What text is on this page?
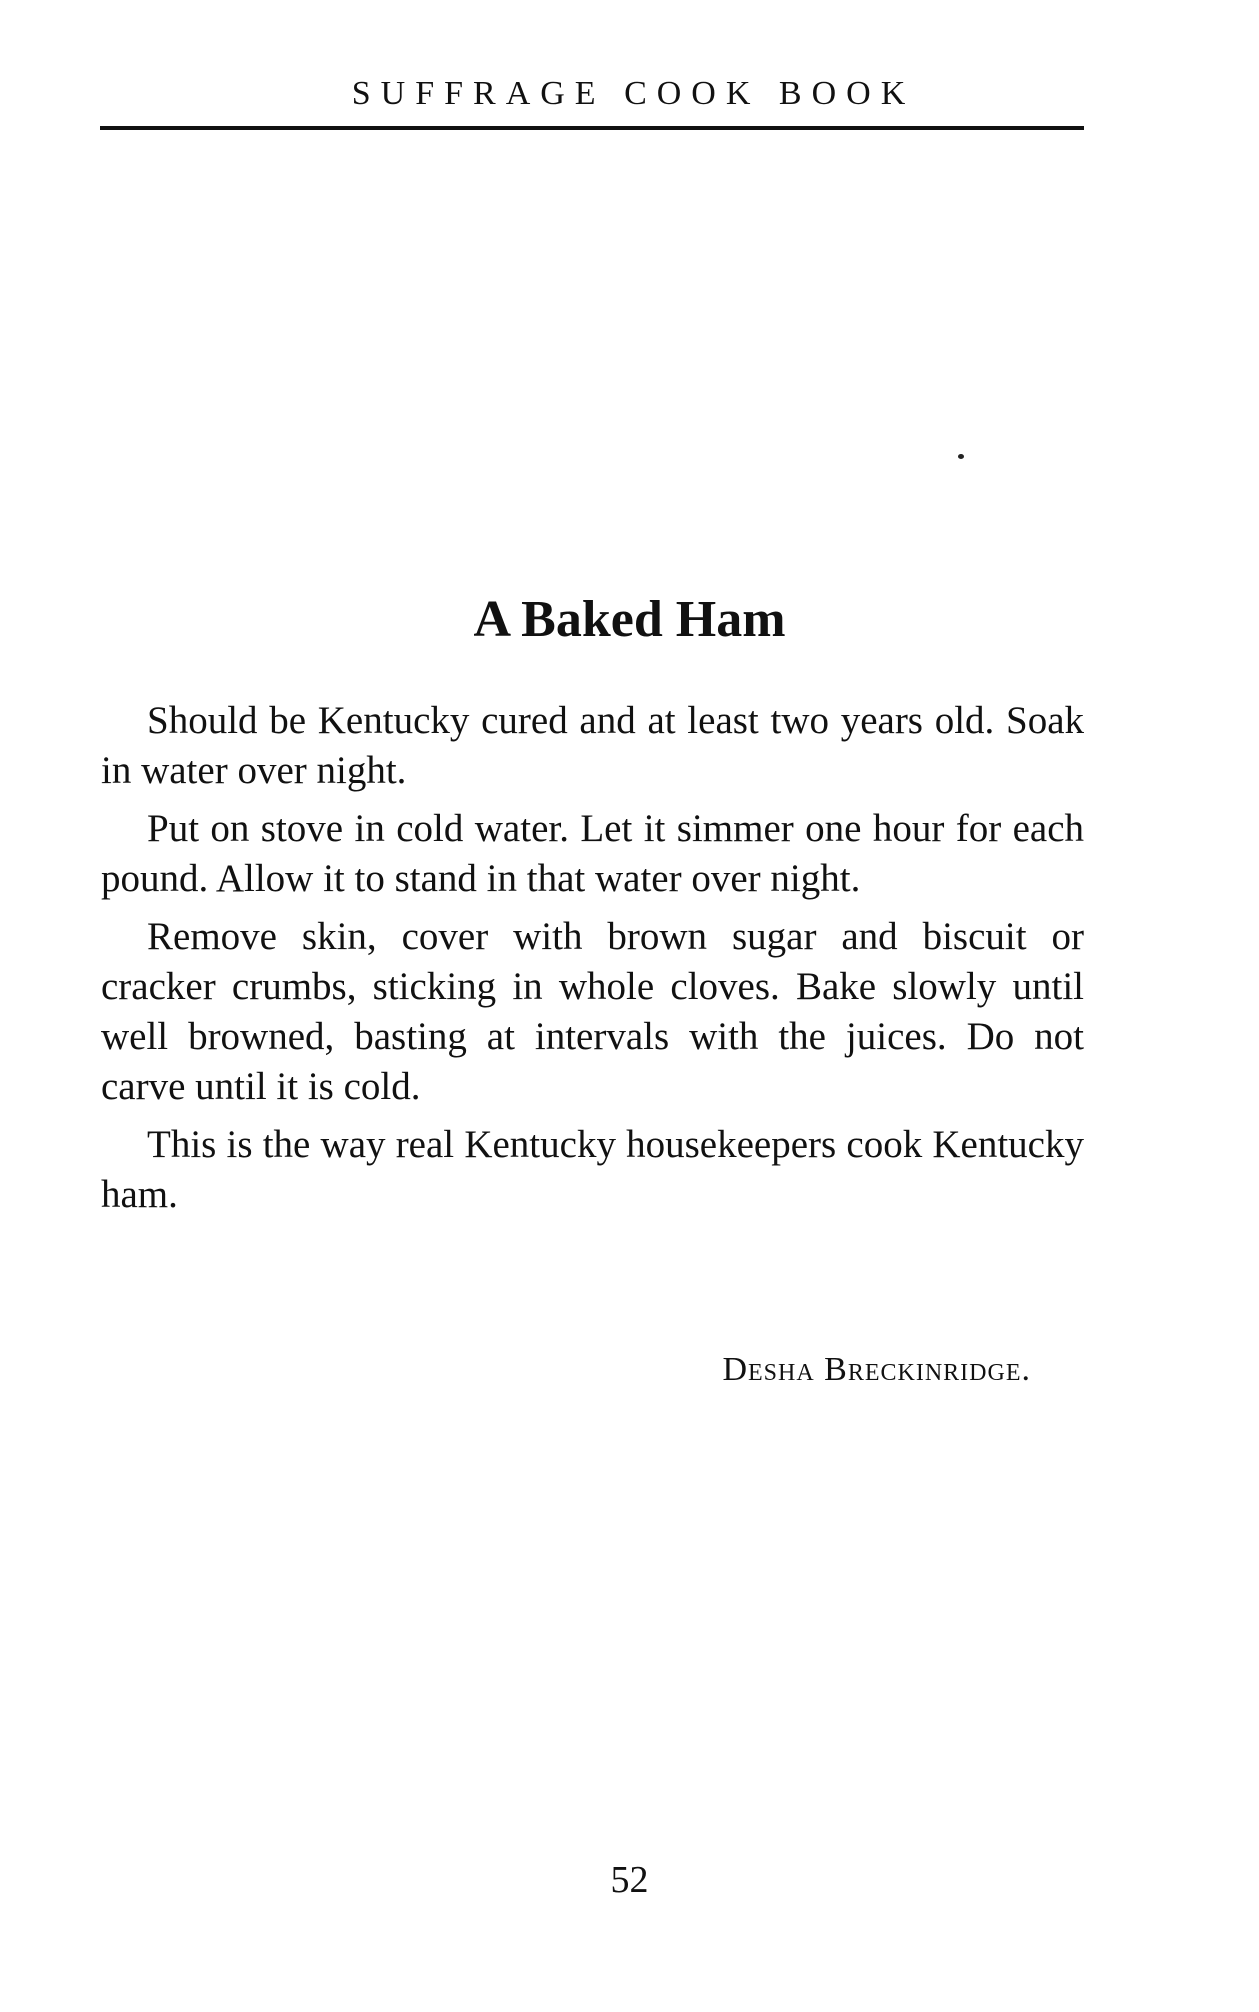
SUFFRAGE COOK BOOK
A Baked Ham

Should be Kentucky cured and at least two years old. Soak in water over night.

Put on stove in cold water. Let it simmer one hour for each pound. Allow it to stand in that water over night.

Remove skin, cover with brown sugar and biscuit or cracker crumbs, sticking in whole cloves. Bake slowly until well browned, basting at intervals with the juices. Do not carve until it is cold.

This is the way real Kentucky housekeepers cook Kentucky ham.

Desha Breckinridge.
52
